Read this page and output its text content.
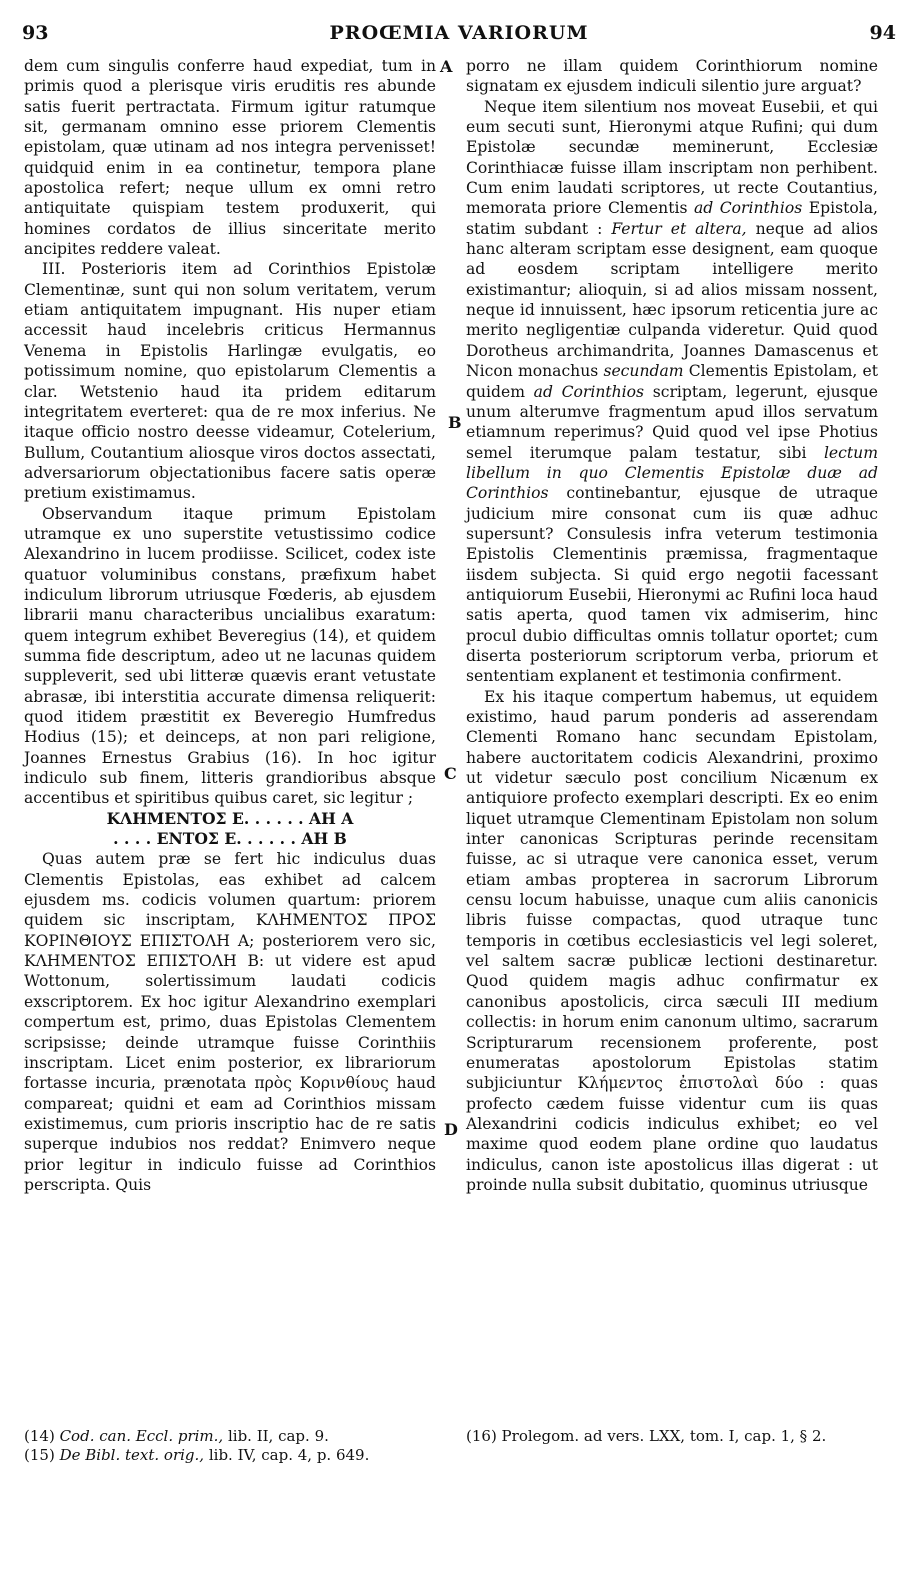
93	PROŒMIA VARIORUM	94
A
B
C
D

dem cum singulis conferre haud expediat, tum in primis quod a plerisque viris eruditis res abunde satis fuerit pertractata. Firmum igitur ratumque sit, germanam omnino esse priorem Clementis epistolam, quæ utinam ad nos integra pervenisset! quidquid enim in ea continetur, tempora plane apostolica refert; neque ullum ex omni retro antiquitate quispiam testem produxerit, qui homines cordatos de illius sinceritate merito ancipites reddere valeat.

III. Posterioris item ad Corinthios Epistolæ Clementinæ, sunt qui non solum veritatem, verum etiam antiquitatem impugnant. His nuper etiam accessit haud incelebris criticus Hermannus Venema in Epistolis Harlingæ evulgatis, eo potissimum nomine, quo epistolarum Clementis a clar. Wetstenio haud ita pridem editarum integritatem everteret: qua de re mox inferius. Ne itaque officio nostro deesse videamur, Cotelerium, Bullum, Coutantium aliosque viros doctos assectati, adversariorum objectationibus facere satis operæ pretium existimamus.

Observandum itaque primum Epistolam utramque ex uno superstite vetustissimo codice Alexandrino in lucem prodiisse. Scilicet, codex iste quatuor voluminibus constans, præfixum habet indiculum librorum utriusque Fœderis, ab ejusdem librarii manu characteribus uncialibus exaratum: quem integrum exhibet Beveregius (14), et quidem summa fide descriptum, adeo ut ne lacunas quidem suppleverit, sed ubi litteræ quævis erant vetustate abrasæ, ibi interstitia accurate dimensa reliquerit: quod itidem præstitit ex Beveregio Humfredus Hodius (15); et deinceps, at non pari religione, Joannes Ernestus Grabius (16). In hoc igitur indiculo sub finem, litteris grandioribus absque accentibus et spiritibus quibus caret, sic legitur ;

ΚΛΗΜΕΝΤΟΣ Ε. . . . . . ΑΗ Α

. . . . ΕΝΤΟΣ Ε. . . . . . ΑΗ Β

Quas autem præ se fert hic indiculus duas Clementis Epistolas, eas exhibet ad calcem ejusdem ms. codicis volumen quartum: priorem quidem sic inscriptam, ΚΛΗΜΕΝΤΟΣ ΠΡΟΣ ΚΟΡΙΝΘΙΟΥΣ ΕΠΙΣΤΟΛΗ Α; posteriorem vero sic, ΚΛΗΜΕΝΤΟΣ ΕΠΙΣΤΟΛΗ Β: ut videre est apud Wottonum, solertissimum laudati codicis exscriptorem. Ex hoc igitur Alexandrino exemplari compertum est, primo, duas Epistolas Clementem scripsisse; deinde utramque fuisse Corinthiis inscriptam. Licet enim posterior, ex librariorum fortasse incuria, prænotata πρὸς Κορινθίους haud compareat; quidni et eam ad Corinthios missam existimemus, cum prioris inscriptio hac de re satis superque indubios nos reddat? Enimvero neque prior legitur in indiculo fuisse ad Corinthios perscripta. Quis

porro ne illam quidem Corinthiorum nomine signatam ex ejusdem indiculi silentio jure arguat?

Neque item silentium nos moveat Eusebii, et qui eum secuti sunt, Hieronymi atque Rufini; qui dum Epistolæ secundæ meminerunt, Ecclesiæ Corinthiacæ fuisse illam inscriptam non perhibent. Cum enim laudati scriptores, ut recte Coutantius, memorata priore Clementis ad Corinthios Epistola, statim subdant : Fertur et altera, neque ad alios hanc alteram scriptam esse designent, eam quoque ad eosdem scriptam intelligere merito existimantur; alioquin, si ad alios missam nossent, neque id innuissent, hæc ipsorum reticentia jure ac merito negligentiæ culpanda videretur. Quid quod Dorotheus archimandrita, Joannes Damascenus et Nicon monachus secundam Clementis Epistolam, et quidem ad Corinthios scriptam, legerunt, ejusque unum alterumve fragmentum apud illos servatum etiamnum reperimus? Quid quod vel ipse Photius semel iterumque palam testatur, sibi lectum libellum in quo Clementis Epistolæ duæ ad Corinthios continebantur, ejusque de utraque judicium mire consonat cum iis quæ adhuc supersunt? Consulesis infra veterum testimonia Epistolis Clementinis præmissa, fragmentaque iisdem subjecta. Si quid ergo negotii facessant antiquiorum Eusebii, Hieronymi ac Rufini loca haud satis aperta, quod tamen vix admiserim, hinc procul dubio difficultas omnis tollatur oportet; cum diserta posteriorum scriptorum verba, priorum et sententiam explanent et testimonia confirment.

Ex his itaque compertum habemus, ut equidem existimo, haud parum ponderis ad asserendam Clementi Romano hanc secundam Epistolam, habere auctoritatem codicis Alexandrini, proximo ut videtur sæculo post concilium Nicænum ex antiquiore profecto exemplari descripti. Ex eo enim liquet utramque Clementinam Epistolam non solum inter canonicas Scripturas perinde recensitam fuisse, ac si utraque vere canonica esset, verum etiam ambas propterea in sacrorum Librorum censu locum habuisse, unaque cum aliis canonicis libris fuisse compactas, quod utraque tunc temporis in cœtibus ecclesiasticis vel legi soleret, vel saltem sacræ publicæ lectioni destinaretur. Quod quidem magis adhuc confirmatur ex canonibus apostolicis, circa sæculi III medium collectis: in horum enim canonum ultimo, sacrarum Scripturarum recensionem proferente, post enumeratas apostolorum Epistolas statim subjiciuntur Κλήμεντος ἐπιστολαὶ δύο : quas profecto cædem fuisse videntur cum iis quas Alexandrini codicis indiculus exhibet; eo vel maxime quod eodem plane ordine quo laudatus indiculus, canon iste apostolicus illas digerat : ut proinde nulla subsit dubitatio, quominus utriusque

(14) Cod. can. Eccl. prim., lib. II, cap. 9.

(15) De Bibl. text. orig., lib. IV, cap. 4, p. 649.

(16) Prolegom. ad vers. LXX, tom. I, cap. 1, § 2.
